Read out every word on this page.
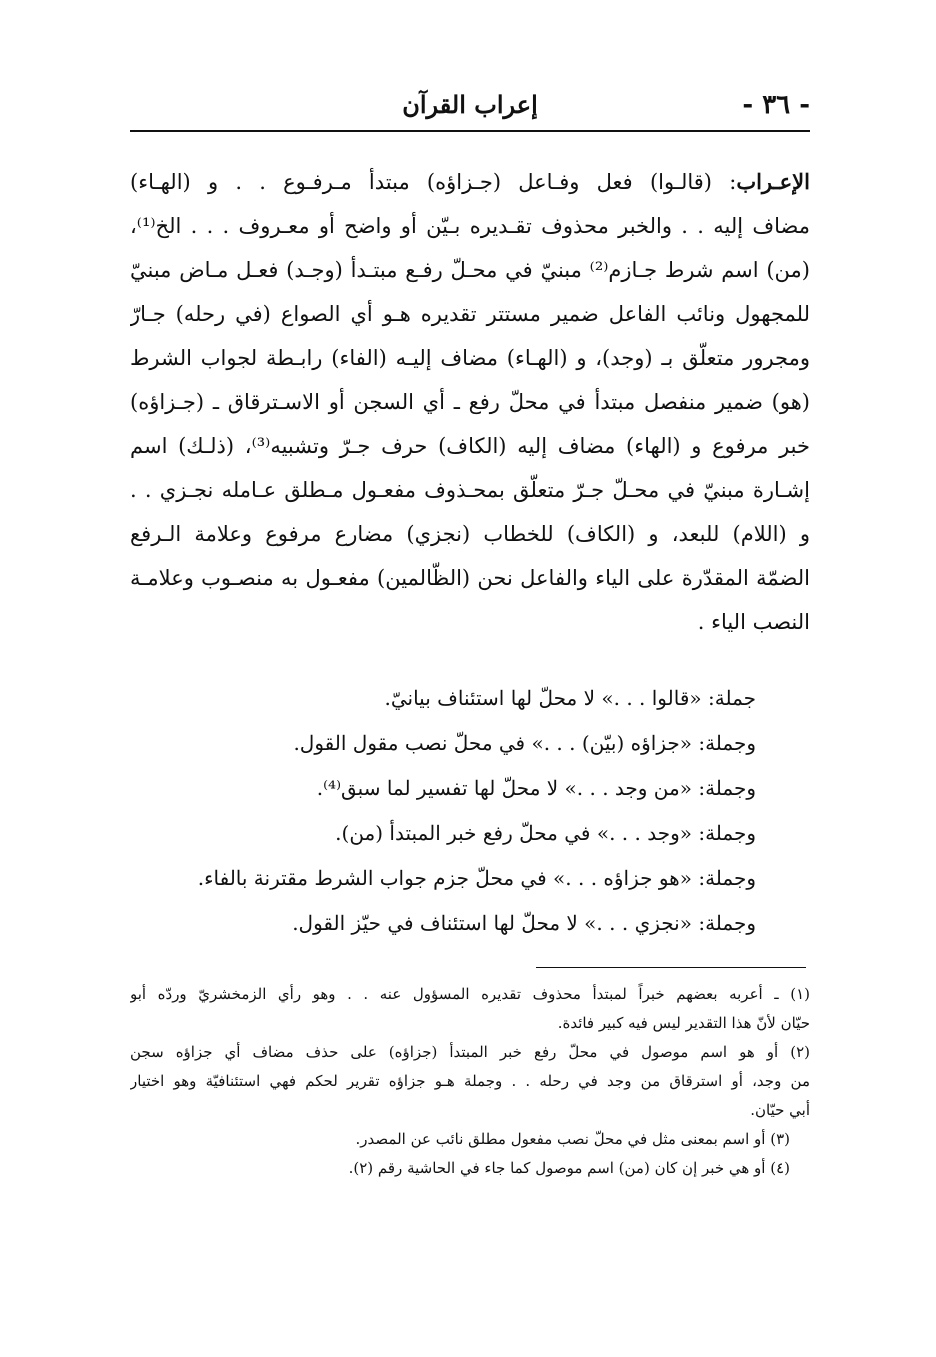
- ٣٦ -
إعراب القرآن
الإعـراب: (قالـوا) فعل وفـاعل (جـزاؤه) مبتدأ مـرفـوع . . و (الهـاء)
مضاف إليه . . والخبر محذوف تقـديره بـيّن أو واضح أو معـروف . . . الخ⁽¹⁾،
(من) اسم شرط جـازم⁽²⁾ مبنيّ في محـلّ رفـع مبتـدأ (وجـد) فعـل مـاض مبنيّ
للمجهول ونائب الفاعل ضمير مستتر تقديره هـو أي الصواع (في رحله) جـارّ
ومجرور متعلّق بـ (وجد)، و (الهـاء) مضاف إليـه (الفاء) رابـطة لجواب الشرط
(هو) ضمير منفصل مبتدأ في محلّ رفع ـ أي السجن أو الاسـترقاق ـ (جـزاؤه)
خبر مرفوع و (الهاء) مضاف إليه (الكاف) حرف جـرّ وتشبيه⁽³⁾، (ذلـك) اسم
إشـارة مبنيّ في محـلّ جـرّ متعلّق بمحـذوف مفعـول مـطلق عـامله نجـزي . .
و (اللام) للبعد، و (الكاف) للخطاب (نجزي) مضارع مرفوع وعلامة الـرفع
الضمّة المقدّرة على الياء والفاعل نحن (الظّالمين) مفعـول به منصـوب وعلامـة
النصب الياء .
جملة: «قالوا . . .» لا محلّ لها استئناف بيانيّ.
وجملة: «جزاؤه (بيّن) . . .» في محلّ نصب مقول القول.
وجملة: «من وجد . . .» لا محلّ لها تفسير لما سبق⁽⁴⁾.
وجملة: «وجد . . .» في محلّ رفع خبر المبتدأ (من).
وجملة: «هو جزاؤه . . .» في محلّ جزم جواب الشرط مقترنة بالفاء.
وجملة: «نجزي . . .» لا محلّ لها استئناف في حيّز القول.
(١) ـ أعربه بعضهم خبراً لمبتدأ محذوف تقديره المسؤول عنه . . وهو رأي الزمخشريّ وردّه أبو
حيّان لأنّ هذا التقدير ليس فيه كبير فائدة.
(٢) أو هو اسم موصول في محلّ رفع خبر المبتدأ (جزاؤه) على حذف مضاف أي جزاؤه سجن
من وجد، أو استرقاق من وجد في رحله . . وجملة هـو جزاؤه تقرير لحكم فهي استئنافيّة وهو اختيار
أبي حيّان.
(٣) أو اسم بمعنى مثل في محلّ نصب مفعول مطلق نائب عن المصدر.
(٤) أو هي خبر إن كان (من) اسم موصول كما جاء في الحاشية رقم (٢).
